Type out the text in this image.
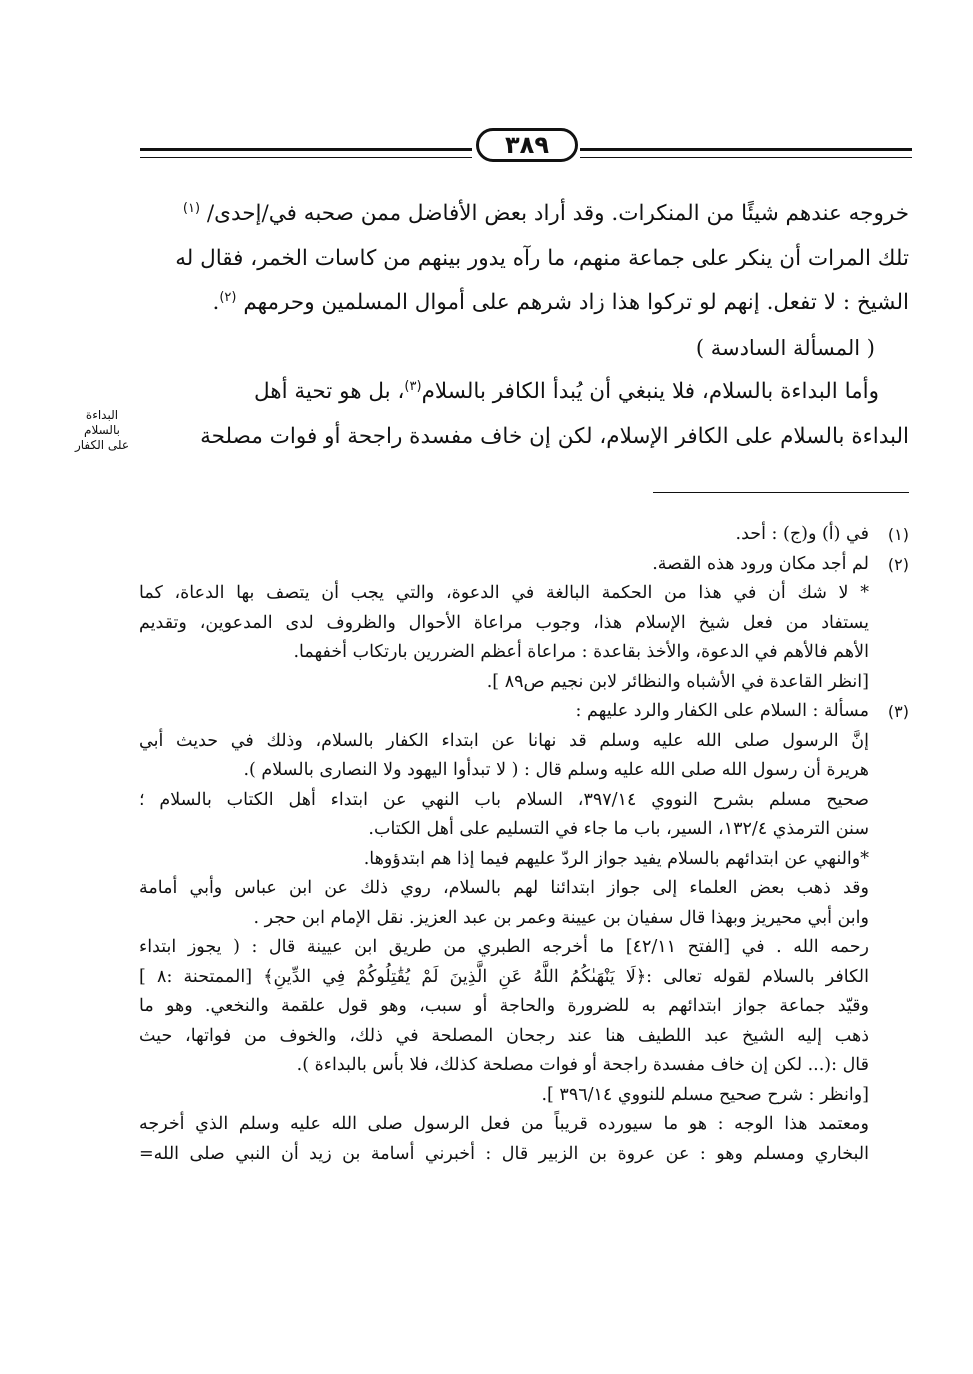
٣٨٩

خروجه عندهم شيئًا من المنكرات. وقد أراد بعض الأفاضل ممن صحبه في/إحدى/ $^{(١)}$

تلك المرات أن ينكر على جماعة منهم، ما رآه يدور بينهم من كاسات الخمر، فقال له

الشيخ : لا تفعل. إنهم لو تركوا هذا زاد شرهم على أموال المسلمين وحرمهم $^{(٢)}$.

( المسألة السادسة )

وأما البداءة بالسلام، فلا ينبغي أن يُبدأ الكافر بالسلام$^{(٣)}$، بل هو تحية أهل

البداءة بالسلام على الكافر الإسلام، لكن إن خاف مفسدة راجحة أو فوات مصلحة

البداءة
بالسلام
على الكفار
(١)

في (أ) و(ج) : أحد.

(٢)

لم أجد مكان ورود هذه القصة.

* لا شك أن في هذا من الحكمة البالغة في الدعوة، والتي يجب أن يتصف بها الدعاة، كما

يستفاد من فعل شيخ الإسلام هذا، وجوب مراعاة الأحوال والظروف لدى المدعوين، وتقديم

الأهم فالأهم في الدعوة، والأخذ بقاعدة : مراعاة أعظم الضررين بارتكاب أخفهما.

[انظر القاعدة في الأشباه والنظائر لابن نجيم ص٨٩ ].

(٣)

مسألة : السلام على الكفار والرد عليهم :

إنَّ الرسول صلى الله عليه وسلم قد نهانا عن ابتداء الكفار بالسلام، وذلك في حديث أبي

هريرة أن رسول الله صلى الله عليه وسلم قال : ( لا تبدأوا اليهود ولا النصارى بالسلام ).

صحيح مسلم بشرح النووي ٣٩٧/١٤، السلام باب النهي عن ابتداء أهل الكتاب بالسلام ؛

سنن الترمذي ١٣٢/٤، السير، باب ما جاء في التسليم على أهل الكتاب.

*والنهي عن ابتدائهم بالسلام يفيد جواز الردّ عليهم فيما إذا هم ابتدؤوها.

وقد ذهب بعض العلماء إلى جواز ابتدائنا لهم بالسلام، روي ذلك عن ابن عباس وأبي أمامة

وابن أبي محيريز وبهذا قال سفيان بن عيينة وعمر بن عبد العزيز. نقل الإمام ابن حجر .

رحمه الله . في [الفتح ٤٢/١١] ما أخرجه الطبري من طريق ابن عيينة قال : ( يجوز ابتداء

الكافر بالسلام لقوله تعالى :﴿لَا يَنْهَىٰكُمُ اللَّهُ عَنِ الَّذِينَ لَمْ يُقَٰتِلُوكُمْ فِي الدِّينِ﴾ [الممتحنة :٨ ]

وقيّد جماعة جواز ابتدائهم به للضرورة والحاجة أو سبب، وهو قول علقمة والنخعي. وهو ما

ذهب إليه الشيخ عبد اللطيف هنا عند رجحان المصلحة في ذلك، والخوف من فواتها، حيث

قال :(... لكن إن خاف مفسدة راجحة أو فوات مصلحة كذلك، فلا بأس بالبداءة ).

[وانظر : شرح صحيح مسلم للنووي ٣٩٦/١٤ ].

ومعتمد هذا الوجه : هو ما سيورده قريباً من فعل الرسول صلى الله عليه وسلم الذي أخرجه

البخاري ومسلم وهو : عن عروة بن الزبير قال : أخبرني أسامة بن زيد أن النبي صلى الله=
